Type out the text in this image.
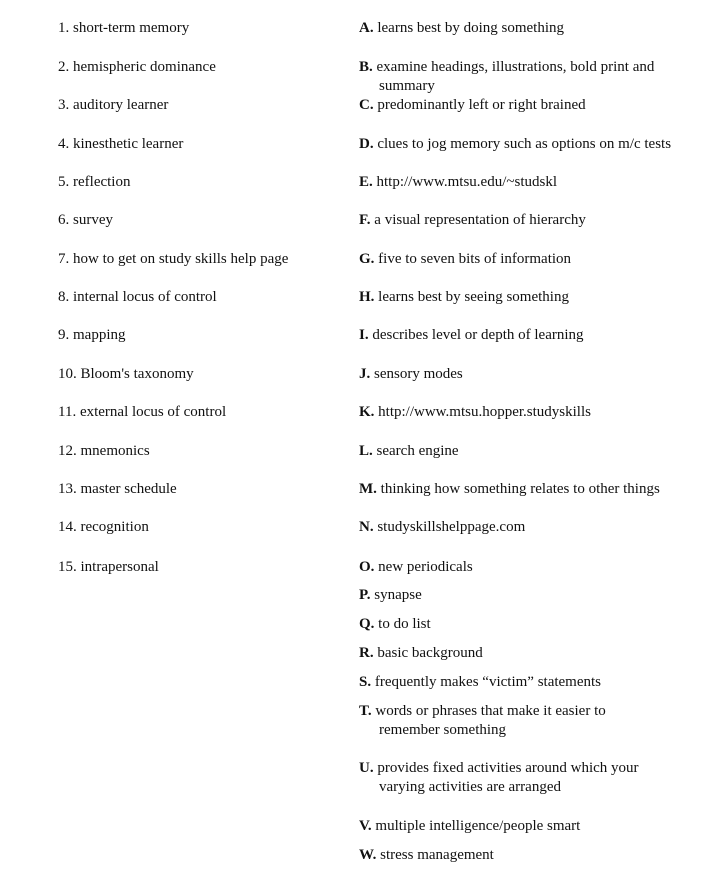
1. short-term memory
2. hemispheric dominance
3. auditory learner
4. kinesthetic learner
5. reflection
6. survey
7. how to get on study skills help page
8. internal locus of control
9. mapping
10. Bloom's taxonomy
11. external locus of control
12. mnemonics
13. master schedule
14. recognition
15. intrapersonal
A. learns best by doing something
B. examine headings, illustrations, bold print and
summary
C. predominantly left or right brained
D. clues to jog memory such as options on m/c tests
E. http://www.mtsu.edu/~studskl
F. a visual representation of hierarchy
G. five to seven bits of information
H. learns best by seeing something
I. describes level or depth of learning
J. sensory modes
K. http://www.mtsu.hopper.studyskills
L. search engine
M. thinking how something relates to other things
N. studyskillshelppage.com
O. new periodicals
P. synapse
Q. to do list
R. basic background
S. frequently makes “victim” statements
T. words or phrases that make it easier to
remember something
U. provides fixed activities around which your
varying activities are arranged
V. multiple intelligence/people smart
W. stress management
